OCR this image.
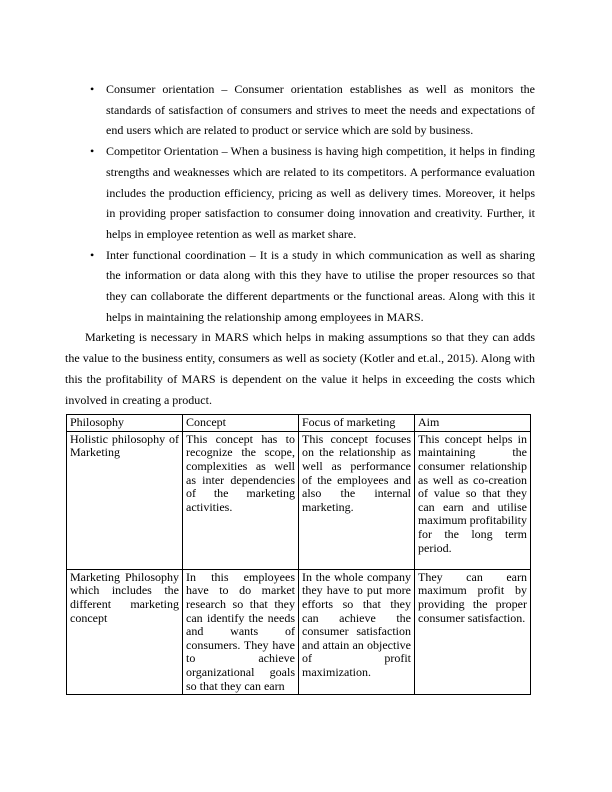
• Consumer orientation – Consumer orientation establishes as well as monitors the standards of satisfaction of consumers and strives to meet the needs and expectations of end users which are related to product or service which are sold by business.
• Competitor Orientation – When a business is having high competition, it helps in finding strengths and weaknesses which are related to its competitors. A performance evaluation includes the production efficiency, pricing as well as delivery times. Moreover, it helps in providing proper satisfaction to consumer doing innovation and creativity. Further, it helps in employee retention as well as market share.
• Inter functional coordination – It is a study in which communication as well as sharing the information or data along with this they have to utilise the proper resources so that they can collaborate the different departments or the functional areas. Along with this it helps in maintaining the relationship among employees in MARS.

Marketing is necessary in MARS which helps in making assumptions so that they can adds the value to the business entity, consumers as well as society (Kotler and et.al., 2015). Along with this the profitability of MARS is dependent on the value it helps in exceeding the costs which involved in creating a product.

Philosophy	Concept	Focus of marketing	Aim
Holistic philosophy of Marketing	This concept has to recognize the scope, complexities as well as inter dependencies of the marketing activities.	This concept focuses on the relationship as well as performance of the employees and also the internal marketing.	This concept helps in maintaining the consumer relationship as well as co-creation of value so that they can earn and utilise maximum profitability for the long term period.
Marketing Philosophy which includes the different marketing concept	In this employees have to do market research so that they can identify the needs and wants of consumers. They have to achieve organizational goals so that they can earn	In the whole company they have to put more efforts so that they can achieve the consumer satisfaction and attain an objective of profit maximization.	They can earn maximum profit by providing the proper consumer satisfaction.
